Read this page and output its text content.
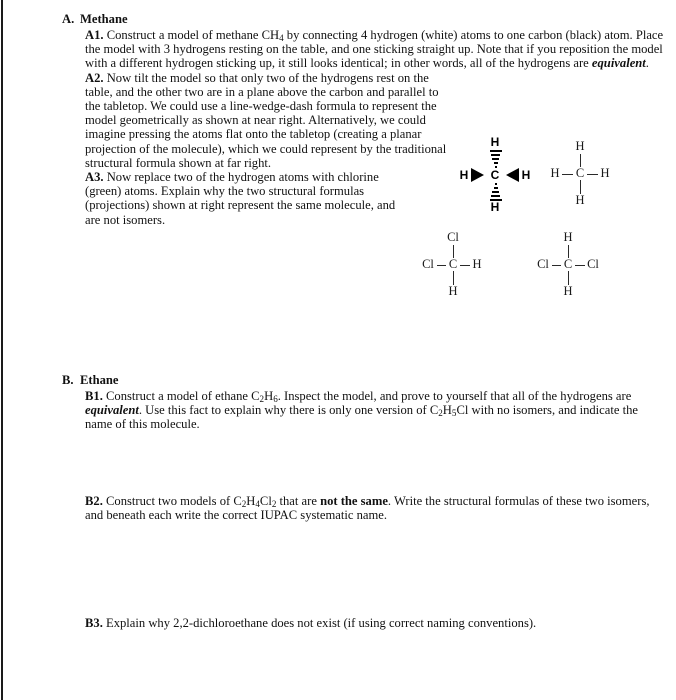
A. Methane
A1. Construct a model of methane $CH_4$ by connecting 4 hydrogen (white) atoms to one carbon (black) atom. Place the model with 3 hydrogens resting on the table, and one sticking straight up. Note that if you reposition the model with a different hydrogen sticking up, it still looks identical; in other words, all of the hydrogens are equivalent.
A2. Now tilt the model so that only two of the hydrogens rest on the table, and the other two are in a plane above the carbon and parallel to the tabletop. We could use a line-wedge-dash formula to represent the model geometrically as shown at near right. Alternatively, we could imagine pressing the atoms flat onto the tabletop (creating a planar projection of the molecule), which we could represent by the traditional structural formula shown at far right.
A3. Now replace two of the hydrogen atoms with chlorine (green) atoms. Explain why the two structural formulas (projections) shown at right represent the same molecule, and are not isomers.
H
H C H
H
H
H C H
H
Cl
Cl C H
H
H
Cl C Cl
H
B. Ethane
B1. Construct a model of ethane $C_2H_6$. Inspect the model, and prove to yourself that all of the hydrogens are equivalent. Use this fact to explain why there is only one version of $C_2H_5Cl$ with no isomers, and indicate the name of this molecule.
B2. Construct two models of $C_2H_4Cl_2$ that are not the same. Write the structural formulas of these two isomers, and beneath each write the correct IUPAC systematic name.
B3. Explain why 2,2-dichloroethane does not exist (if using correct naming conventions).
